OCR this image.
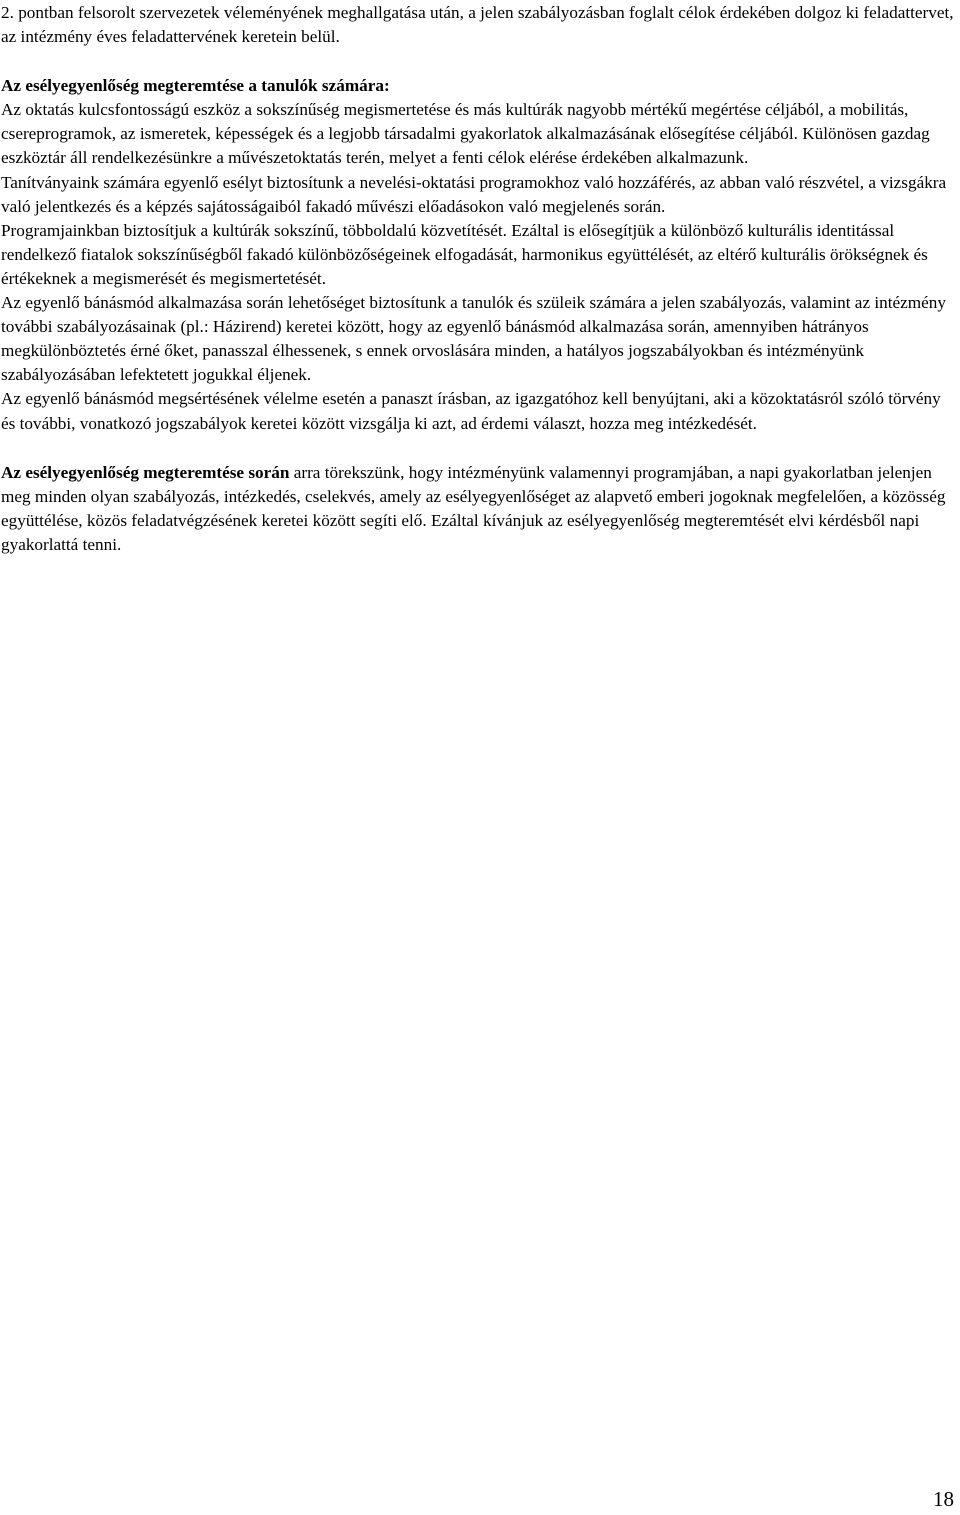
2. pontban felsorolt szervezetek véleményének meghallgatása után, a jelen szabályozásban foglalt célok érdekében dolgoz ki feladattervet, az intézmény éves feladattervének keretein belül.

Az esélyegyenlőség megteremtése a tanulók számára:

Az oktatás kulcsfontosságú eszköz a sokszínűség megismertetése és más kultúrák nagyobb mértékű megértése céljából, a mobilitás, csereprogramok, az ismeretek, képességek és a legjobb társadalmi gyakorlatok alkalmazásának elősegítése céljából. Különösen gazdag eszköztár áll rendelkezésünkre a művészetoktatás terén, melyet a fenti célok elérése érdekében alkalmazunk.

Tanítványaink számára egyenlő esélyt biztosítunk a nevelési-oktatási programokhoz való hozzáférés, az abban való részvétel, a vizsgákra való jelentkezés és a képzés sajátosságaiból fakadó művészi előadásokon való megjelenés során.

Programjainkban biztosítjuk a kultúrák sokszínű, többoldalú közvetítését. Ezáltal is elősegítjük a különböző kulturális identitással rendelkező fiatalok sokszínűségből fakadó különbözőségeinek elfogadását, harmonikus együttélését, az eltérő kulturális örökségnek és értékeknek a megismerését és megismertetését.

Az egyenlő bánásmód alkalmazása során lehetőséget biztosítunk a tanulók és szüleik számára a jelen szabályozás, valamint az intézmény további szabályozásainak (pl.: Házirend) keretei között, hogy az egyenlő bánásmód alkalmazása során, amennyiben hátrányos megkülönböztetés érné őket, panasszal élhessenek, s ennek orvoslására minden, a hatályos jogszabályokban és intézményünk szabályozásában lefektetett jogukkal éljenek.

Az egyenlő bánásmód megsértésének vélelme esetén a panaszt írásban, az igazgatóhoz kell benyújtani, aki a közoktatásról szóló törvény és további, vonatkozó jogszabályok keretei között vizsgálja ki azt, ad érdemi választ, hozza meg intézkedését.

Az esélyegyenlőség megteremtése során arra törekszünk, hogy intézményünk valamennyi programjában, a napi gyakorlatban jelenjen meg minden olyan szabályozás, intézkedés, cselekvés, amely az esélyegyenlőséget az alapvető emberi jogoknak megfelelően, a közösség együttélése, közös feladatvégzésének keretei között segíti elő. Ezáltal kívánjuk az esélyegyenlőség megteremtését elvi kérdésből napi gyakorlattá tenni.

18
